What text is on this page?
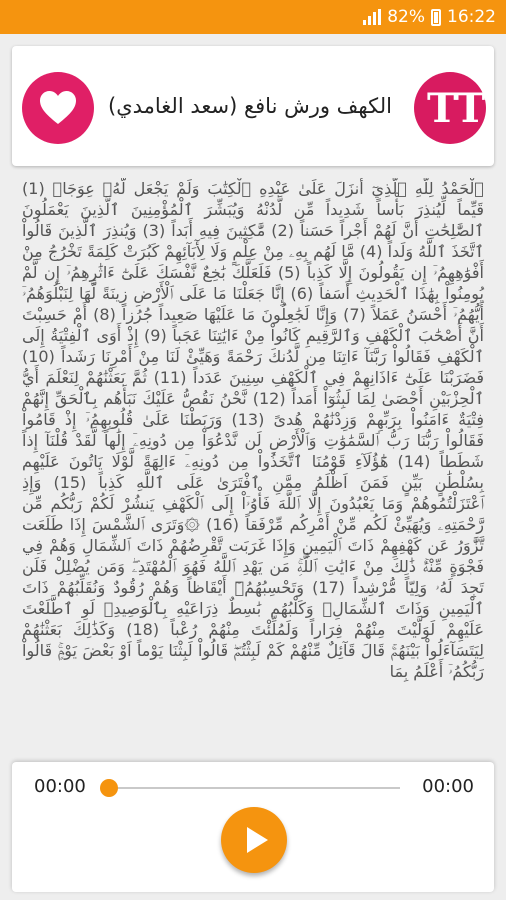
82% 16:22
الكهف ورش نافع (سعد الغامدي) TT

ٱلْحَمْدُ لِلَّهِ ٱلَّذِيٓ أَنزَلَ عَلَىٰ عَبْدِهِ ٱلْكِتَٰبَ وَلَمْ يَجْعَل لَّهُۥ عِوَجَاۜ (1) قَيِّماً لِّيُنذِرَ بَأْساً شَدِيداً مِّن لَّدُنْهُ وَيُبَشِّرَ ٱلْمُؤْمِنِينَ ٱلَّذِينَ يَعْمَلُونَ ٱلصَّٰلِحَٰتِ أَنَّ لَهُمْ أَجْراً حَسَناً (2) مَّٰكِثِينَ فِيهِ أَبَداً (3) وَيُنذِرَ ٱلَّذِينَ قَالُواْ ٱتَّخَذَ ٱللَّهُ وَلَداً (4) مَّا لَهُم بِهِۦ مِنْ عِلْمٍ وَلَا لِأٓبَآئِهِمْ كَبُرَتْ كَلِمَةً تَخْرُجُ مِنْ أَفْوَٰهِهِمُۥٓ إِن يَقُولُونَ إِلَّا كَذِباً (5) فَلَعَلَّكَ بَٰخِعٌ نَّفْسَكَ عَلَىٰٓ ءَاثَٰرِهِمُۥٓ إِن لَّمْ يُومِنُواْ بِهَٰذَا ٱلْحَدِيثِ أَسَفاً (6) إِنَّا جَعَلْنَا مَا عَلَى ٱلْأَرْضِ زِينَةً لَّهَا لِنَبْلُوَهُمُۥٓ أَيُّهُمُۥٓ أَحْسَنُ عَمَلاً (7) وَإِنَّا لَجَٰعِلُونَ مَا عَلَيْهَا صَعِيداً جُرُزاً (8) أَمْ حَسِبْتَ أَنَّ أَصْحَٰبَ ٱلْكَهْفِ وَٱلرَّقِيمِ كَانُواْ مِنْ ءَايَٰتِنَا عَجَباً (9) إِذْ أَوَى ٱلْفِتْيَةُ إِلَى ٱلْكَهْفِ فَقَالُواْ رَبَّنَآ ءَاتِنَا مِن لَّدُنكَ رَحْمَةً وَهَيِّئْ لَنَا مِنْ أَمْرِنَا رَشَداً (10) فَضَرَبْنَا عَلَىٰٓ ءَاذَانِهِمْ فِي ٱلْكَهْفِ سِنِينَ عَدَداً (11) ثُمَّ بَعَثْنَٰهُمْ لِنَعْلَمَ أَيُّ ٱلْحِزْبَيْنِ أَحْصَىٰ لِمَا لَبِثُوٓاْ أَمَداً (12) نَّحْنُ نَقُصُّ عَلَيْكَ نَبَأَهُم بِٱلْحَقِّ إِنَّهُمْ فِتْيَةٌ ءَامَنُواْ بِرَبِّهِمْ وَزِدْنَٰهُمْ هُدىً (13) وَرَبَطْنَا عَلَىٰ قُلُوبِهِمُۥٓ إِذْ قَامُواْ فَقَالُواْ رَبُّنَا رَبُّ ٱلسَّمَٰوَٰتِ وَٱلْأَرْضِ لَن نَّدْعُوَاْ مِن دُونِهِۦٓ إِلَٰهاً لَّقَدْ قُلْنَآ إِذاً شَطَطاً (14) هَٰٓؤُلَآءِ قَوْمُنَا ٱتَّخَذُواْ مِن دُونِهِۦٓ ءَالِهَةً لَّوْلَا يَاتُونَ عَلَيْهِم بِسُلْطَٰنٍ بَيِّنٍ فَمَنَ اَظْلَمُ مِمَّنِ ٱفْتَرَىٰ عَلَى ٱللَّهِ كَذِباً (15) وَإِذِ ٱعْتَزَلْتُمُوهُمْ وَمَا يَعْبُدُونَ إِلَّا ٱللَّهَ فَأْوُۥٓاْ إِلَى ٱلْكَهْفِ يَنشُرْ لَكُمْ رَبُّكُم مِّن رَّحْمَتِهِۦ وَيُهَيِّئْ لَكُم مِّنْ أَمْرِكُم مِّرْفَقاً (16) ۞وَتَرَى ٱلشَّمْسَ إِذَا طَلَعَت تَّزَّٰوَرُ عَن كَهْفِهِمْ ذَاتَ ٱلْيَمِينِ وَإِذَا غَرَبَت تَّقْرِضُهُمْ ذَاتَ ٱلشِّمَالِ وَهُمْ فِي فَجْوَةٍ مِّنْهُۚ ذَٰلِكَ مِنْ ءَايَٰتِ ٱللَّهِۚ مَن يَهْدِ ٱللَّهُ فَهُوَ ٱلْمُهْتَدِۦۖ وَمَن يُضْلِلْ فَلَن تَجِدَ لَهُۥ وَلِيّاً مُّرْشِداً (17) وَتَحْسِبُهُمُۥٓ أَيْقَاظاً وَهُمْ رُقُودٌ وَنُقَلِّبُهُمْ ذَاتَ ٱلْيَمِينِ وَذَاتَ ٱلشِّمَالِۖ وَكَلْبُهُم بَٰسِطٌ ذِرَاعَيْهِ بِٱلْوَصِيدِۚ لَوِ ٱطَّلَعْتَ عَلَيْهِمْ لَوَلَّيْتَ مِنْهُمْ فِرَاراً وَلَمُلِّئْتَ مِنْهُمْ رُعْباً (18) وَكَذَٰلِكَ بَعَثْنَٰهُمْ لِيَتَسَآءَلُواْ بَيْنَهُمْۚ قَالَ قَآئِلٌ مِّنْهُمْ كَمْ لَبِثْتُمْۖ قَالُواْ لَبِثْنَا يَوْماً اَوْ بَعْضَ يَوْمٍۚ قَالُواْ رَبُّكُمُۥٓ أَعْلَمُ بِمَا

00:00	00:00
